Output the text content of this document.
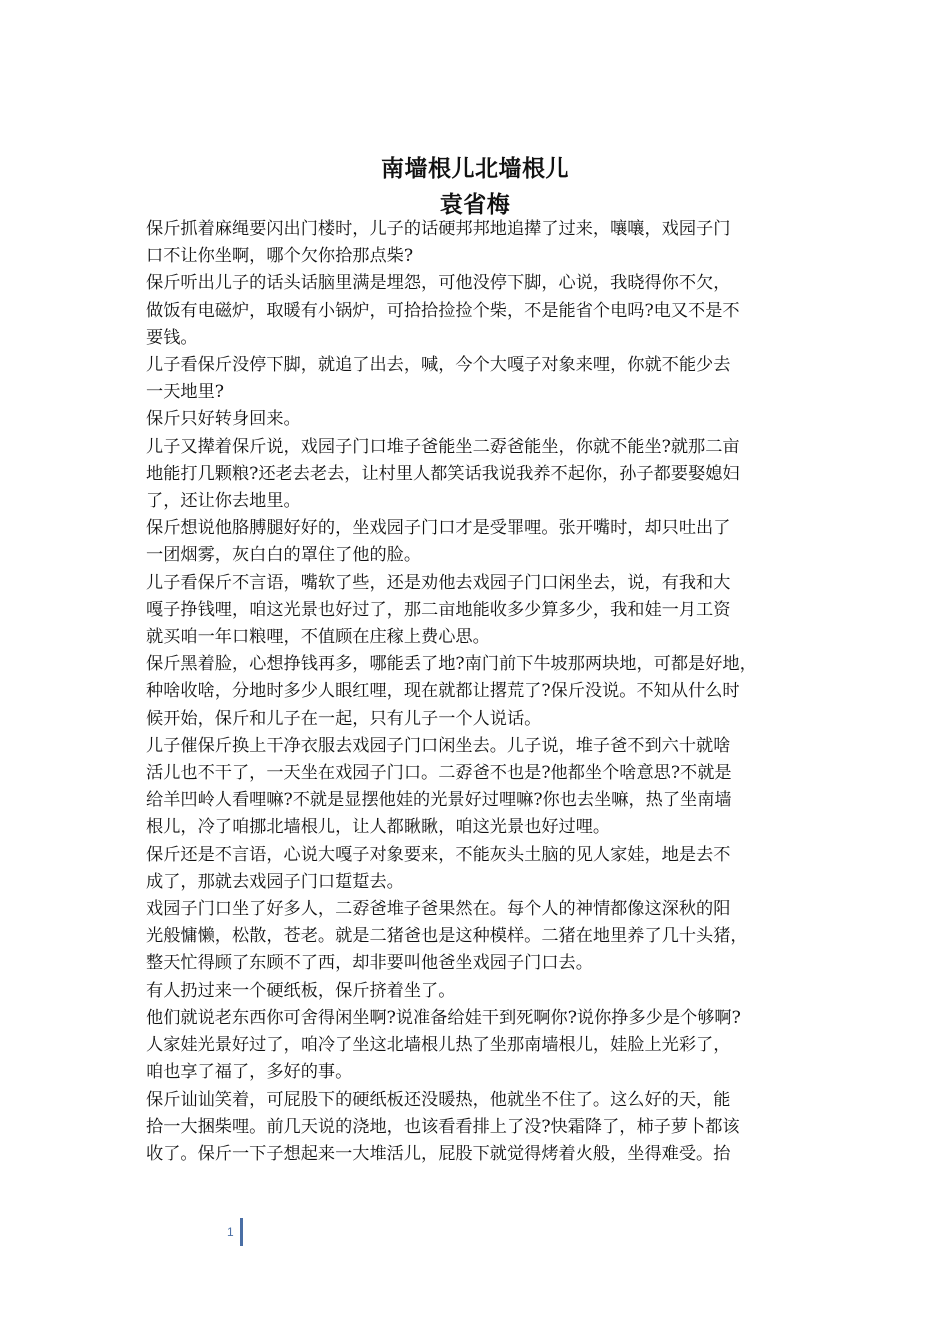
南墙根儿北墙根儿
袁省梅

保斤抓着麻绳要闪出门楼时，儿子的话硬邦邦地追撵了过来，嚷嚷，戏园子门

口不让你坐啊，哪个欠你拾那点柴?

保斤听出儿子的话头话脑里满是埋怨，可他没停下脚，心说，我晓得你不欠，

做饭有电磁炉，取暖有小锅炉，可拾拾捡捡个柴，不是能省个电吗?电又不是不

要钱。

儿子看保斤没停下脚，就追了出去，喊，今个大嘎子对象来哩，你就不能少去

一天地里?

保斤只好转身回来。

儿子又撵着保斤说，戏园子门口堆子爸能坐二孬爸能坐，你就不能坐?就那二亩

地能打几颗粮?还老去老去，让村里人都笑话我说我养不起你，孙子都要娶媳妇

了，还让你去地里。

保斤想说他胳膊腿好好的，坐戏园子门口才是受罪哩。张开嘴时，却只吐出了

一团烟雾，灰白白的罩住了他的脸。

儿子看保斤不言语，嘴软了些，还是劝他去戏园子门口闲坐去，说，有我和大

嘎子挣钱哩，咱这光景也好过了，那二亩地能收多少算多少，我和娃一月工资

就买咱一年口粮哩，不值顾在庄稼上费心思。

保斤黑着脸，心想挣钱再多，哪能丢了地?南门前下牛坡那两块地，可都是好地，

种啥收啥，分地时多少人眼红哩，现在就都让撂荒了?保斤没说。不知从什么时

候开始，保斤和儿子在一起，只有儿子一个人说话。

儿子催保斤换上干净衣服去戏园子门口闲坐去。儿子说，堆子爸不到六十就啥

活儿也不干了，一天坐在戏园子门口。二孬爸不也是?他都坐个啥意思?不就是

给羊凹岭人看哩嘛?不就是显摆他娃的光景好过哩嘛?你也去坐嘛，热了坐南墙

根儿，冷了咱挪北墙根儿，让人都瞅瞅，咱这光景也好过哩。

保斤还是不言语，心说大嘎子对象要来，不能灰头土脑的见人家娃，地是去不

成了，那就去戏园子门口踅踅去。

戏园子门口坐了好多人，二孬爸堆子爸果然在。每个人的神情都像这深秋的阳

光般慵懒，松散，苍老。就是二猪爸也是这种模样。二猪在地里养了几十头猪，

整天忙得顾了东顾不了西，却非要叫他爸坐戏园子门口去。

有人扔过来一个硬纸板，保斤挤着坐了。

他们就说老东西你可舍得闲坐啊?说准备给娃干到死啊你?说你挣多少是个够啊?

人家娃光景好过了，咱冷了坐这北墙根儿热了坐那南墙根儿，娃脸上光彩了，

咱也享了福了，多好的事。

保斤讪讪笑着，可屁股下的硬纸板还没暖热，他就坐不住了。这么好的天，能

拾一大捆柴哩。前几天说的浇地，也该看看排上了没?快霜降了，柿子萝卜都该

收了。保斤一下子想起来一大堆活儿，屁股下就觉得烤着火般，坐得难受。抬

1
